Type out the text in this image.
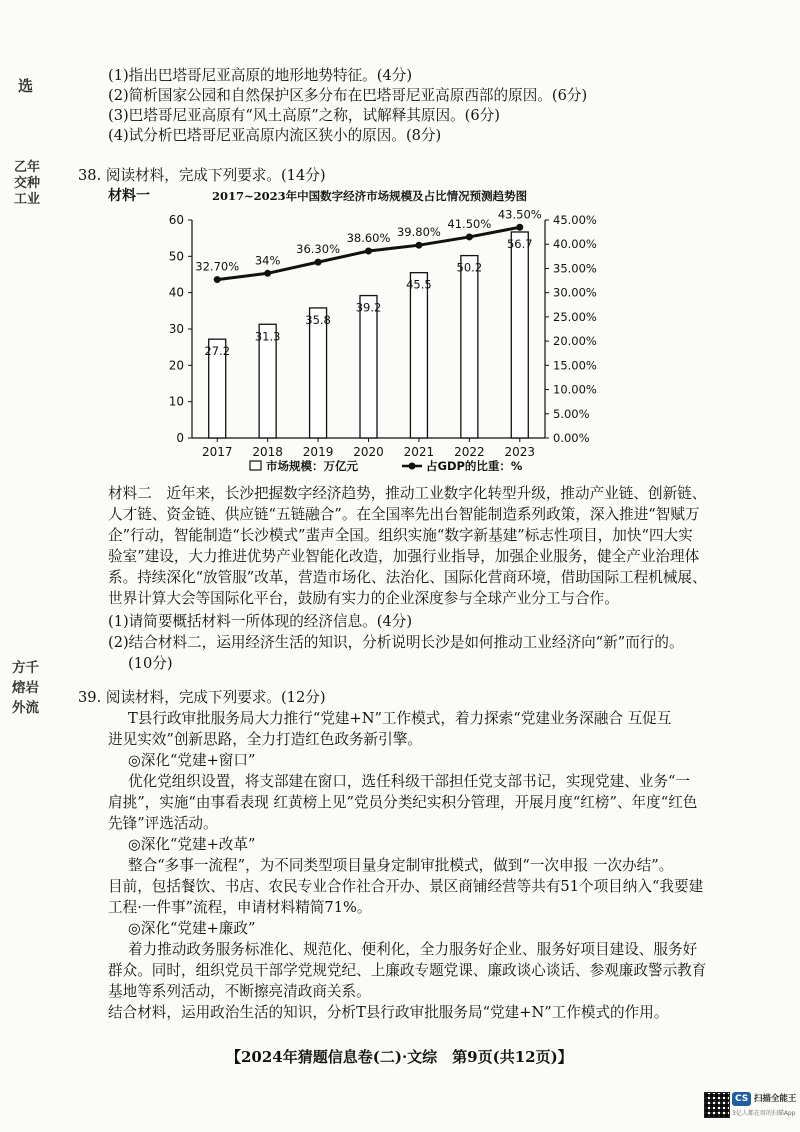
选
乙年
交种
工业
方千
熔岩
外流
(1)指出巴塔哥尼亚高原的地形地势特征。(4分)
(2)简析国家公园和自然保护区多分布在巴塔哥尼亚高原西部的原因。(6分)
(3)巴塔哥尼亚高原有“风土高原”之称，试解释其原因。(6分)
(4)试分析巴塔哥尼亚高原内流区狭小的原因。(8分)
38. 阅读材料，完成下列要求。(14分)
材料一	2017~2023年中国数字经济市场规模及占比情况预测趋势图
0
10
20
30
40
50
60
0.00%
5.00%
10.00%
15.00%
20.00%
25.00%
30.00%
35.00%
40.00%
45.00%
27.2
2017
31.3
2018
35.8
2019
39.2
2020
45.5
2021
50.2
2022
56.7
2023
32.70% 34%
36.30%
38.60% 39.80%
41.50%
43.50%
市场规模：万亿元	占GDP的比重：%
材料二　近年来，长沙把握数字经济趋势，推动工业数字化转型升级，推动产业链、创新链、
人才链、资金链、供应链“五链融合”。在全国率先出台智能制造系列政策，深入推进“智赋万
企”行动，智能制造“长沙模式”蜚声全国。组织实施“数字新基建”标志性项目，加快“四大实
验室”建设，大力推进优势产业智能化改造，加强行业指导，加强企业服务，健全产业治理体
系。持续深化“放管服”改革，营造市场化、法治化、国际化营商环境，借助国际工程机械展、
世界计算大会等国际化平台，鼓励有实力的企业深度参与全球产业分工与合作。
(1)请简要概括材料一所体现的经济信息。(4分)
(2)结合材料二，运用经济生活的知识，分析说明长沙是如何推动工业经济向“新”而行的。
(10分)
39. 阅读材料，完成下列要求。(12分)
T县行政审批服务局大力推行“党建+N”工作模式，着力探索“党建业务深融合 互促互
进见实效”创新思路，全力打造红色政务新引擎。
◎深化“党建+窗口”
优化党组织设置，将支部建在窗口，选任科级干部担任党支部书记，实现党建、业务“一
肩挑”，实施“由事看表现 红黄榜上见”党员分类纪实积分管理，开展月度“红榜”、年度“红色
先锋”评选活动。
◎深化“党建+改革”
整合“多事一流程”，为不同类型项目量身定制审批模式，做到“一次申报 一次办结”。
目前，包括餐饮、书店、农民专业合作社合开办、景区商铺经营等共有51个项目纳入“我要建
工程·一件事”流程，申请材料精简71%。
◎深化“党建+廉政”
着力推动政务服务标准化、规范化、便利化，全力服务好企业、服务好项目建设、服务好
群众。同时，组织党员干部学党规党纪、上廉政专题党课、廉政谈心谈话、参观廉政警示教育
基地等系列活动，不断擦亮清政商关系。
结合材料，运用政治生活的知识，分析T县行政审批服务局“党建+N”工作模式的作用。
【2024年猜题信息卷(二)·文综　第9页(共12页)】
CS 扫描全能王
3亿人都在用的扫描App
